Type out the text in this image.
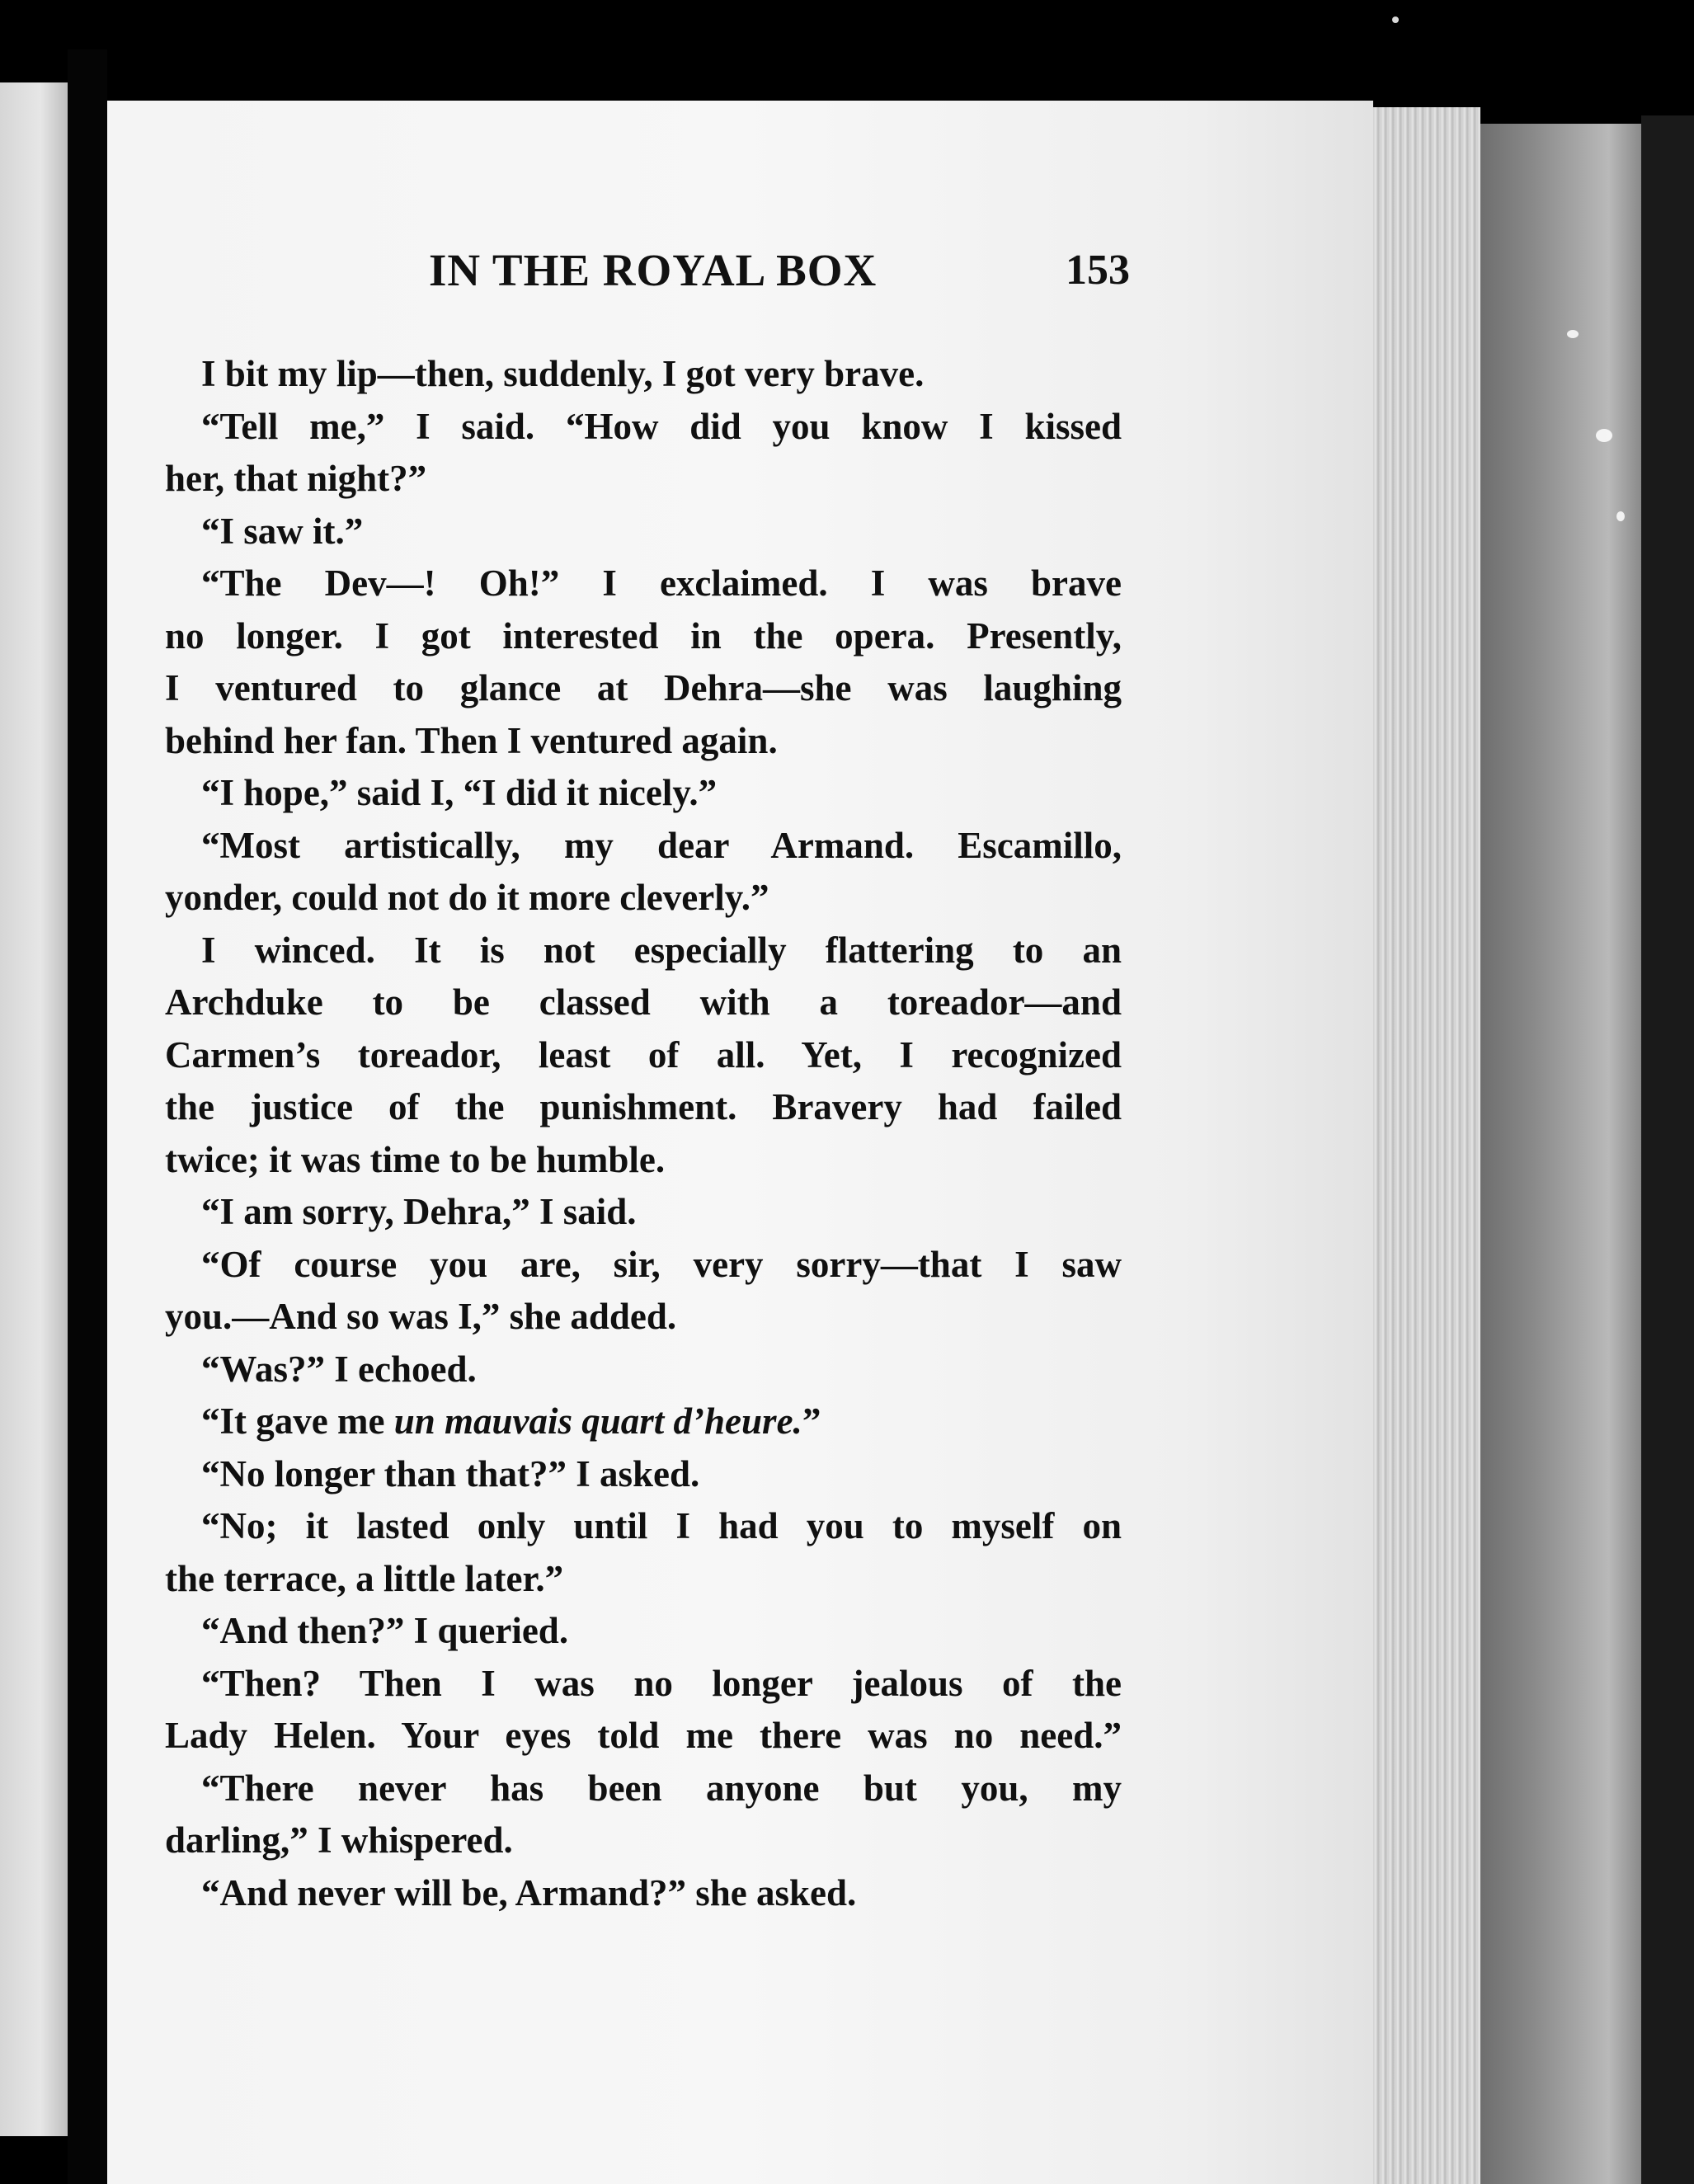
IN THE ROYAL BOX	153
I bit my lip—then, suddenly, I got very brave.
“Tell me,” I said. “How did you know I kissed
her, that night?”
“I saw it.”
“The Dev—! Oh!” I exclaimed. I was brave
no longer. I got interested in the opera. Presently,
I ventured to glance at Dehra—she was laughing
behind her fan. Then I ventured again.
“I hope,” said I, “I did it nicely.”
“Most artistically, my dear Armand. Escamillo,
yonder, could not do it more cleverly.”
I winced. It is not especially flattering to an
Archduke to be classed with a toreador—and
Carmen’s toreador, least of all. Yet, I recognized
the justice of the punishment. Bravery had failed
twice; it was time to be humble.
“I am sorry, Dehra,” I said.
“Of course you are, sir, very sorry—that I saw
you.—And so was I,” she added.
“Was?” I echoed.
“It gave me un mauvais quart d’heure.”
“No longer than that?” I asked.
“No; it lasted only until I had you to myself on
the terrace, a little later.”
“And then?” I queried.
“Then? Then I was no longer jealous of the
Lady Helen. Your eyes told me there was no need.”
“There never has been anyone but you, my
darling,” I whispered.
“And never will be, Armand?” she asked.
